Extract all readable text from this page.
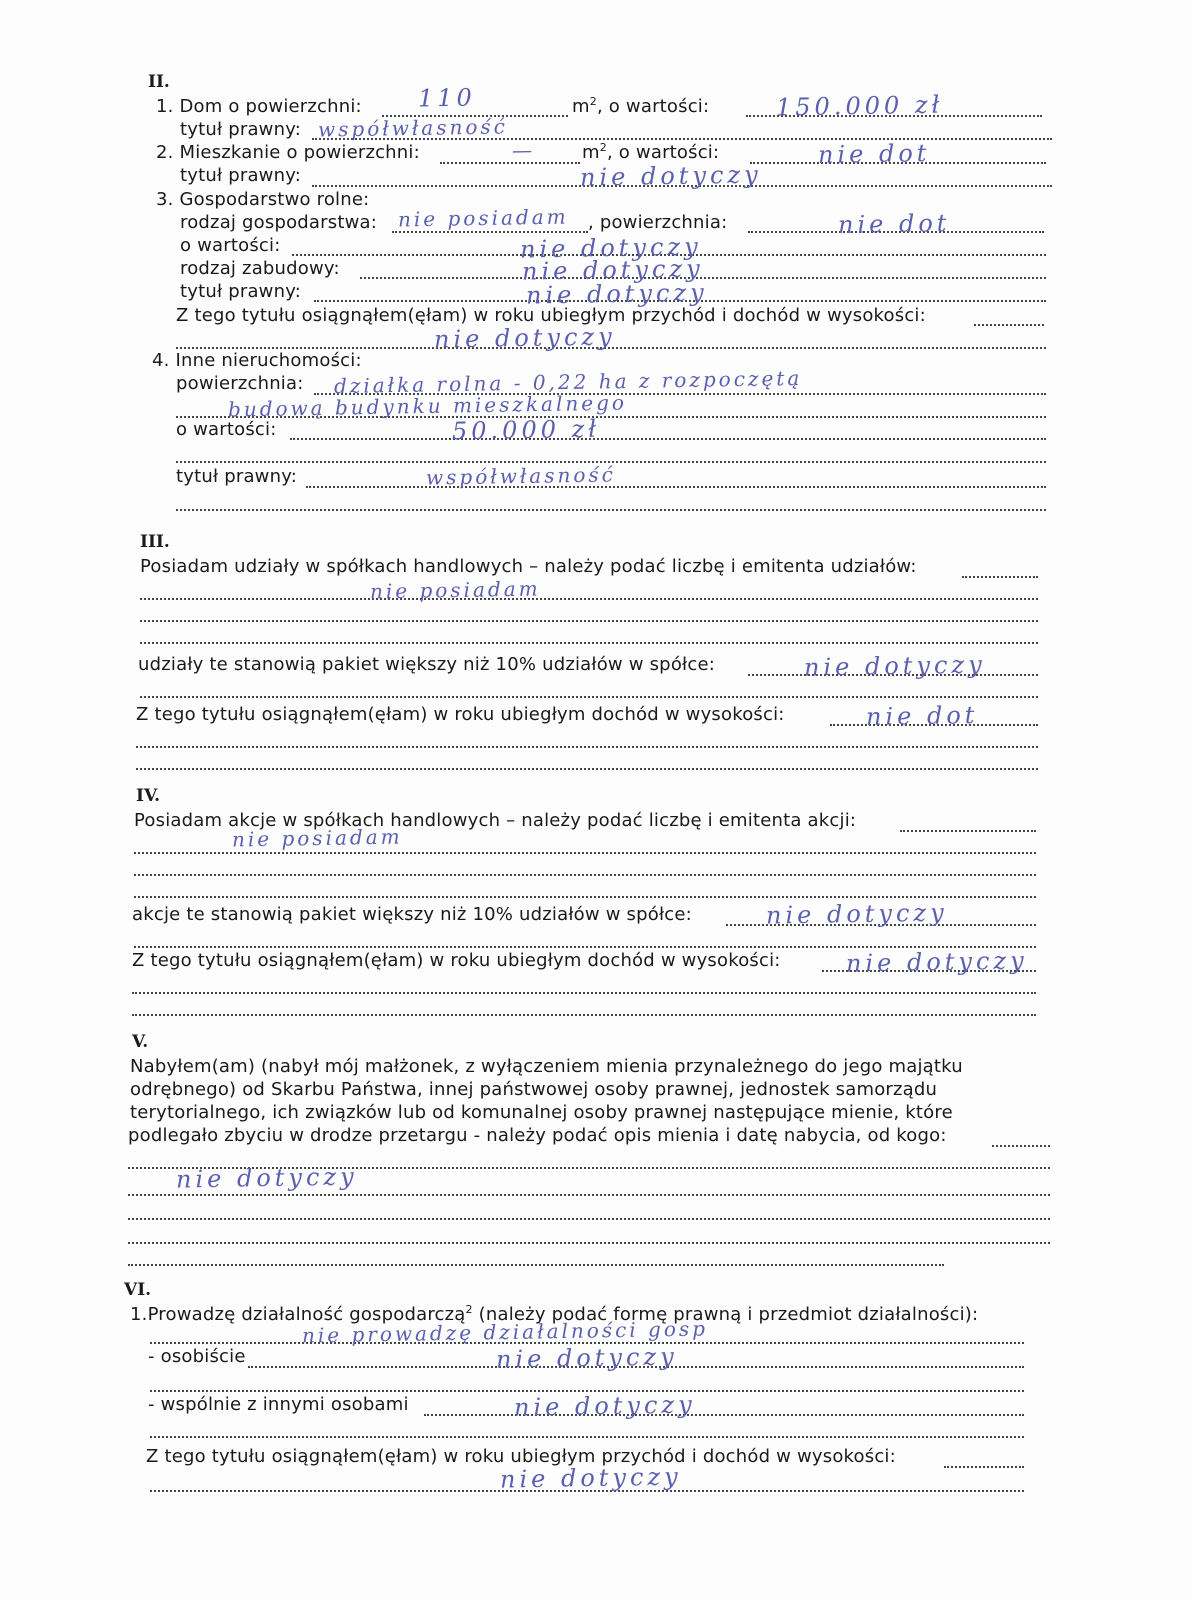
II.
1. Dom o powierzchni:	$m^2$, o wartości:
110	150.000 zł
tytuł prawny: współwłasność
2. Mieszkanie o powierzchni:	$m^2$, o wartości:
—	nie dot
tytuł prawny:	nie dotyczy
3. Gospodarstwo rolne:
rodzaj gospodarstwa:	, powierzchnia:
nie posiadam	nie dot
o wartości:	nie dotyczy
rodzaj zabudowy:	nie dotyczy
tytuł prawny:	nie dotyczy
Z tego tytułu osiągnąłem(ęłam) w roku ubiegłym przychód i dochód w wysokości:
nie dotyczy
4. Inne nieruchomości:
powierzchnia: działka rolna - 0,22 ha z rozpoczętą
budową budynku mieszkalnego
o wartości:	50.000 zł
tytuł prawny:	współwłasność
III.
Posiadam udziały w spółkach handlowych – należy podać liczbę i emitenta udziałów:
nie posiadam
udziały te stanowią pakiet większy niż 10% udziałów w spółce:	nie dotyczy
Z tego tytułu osiągnąłem(ęłam) w roku ubiegłym dochód w wysokości:	nie dot
IV.
Posiadam akcje w spółkach handlowych – należy podać liczbę i emitenta akcji:
nie posiadam
akcje te stanowią pakiet większy niż 10% udziałów w spółce:	nie dotyczy
Z tego tytułu osiągnąłem(ęłam) w roku ubiegłym dochód w wysokości:	nie dotyczy
V.
Nabyłem(am) (nabył mój małżonek, z wyłączeniem mienia przynależnego do jego majątku
odrębnego) od Skarbu Państwa, innej państwowej osoby prawnej, jednostek samorządu
terytorialnego, ich związków lub od komunalnej osoby prawnej następujące mienie, które
podlegało zbyciu w drodze przetargu - należy podać opis mienia i datę nabycia, od kogo:
nie dotyczy
VI.
1.Prowadzę działalność gospodarczą$^2$ (należy podać formę prawną i przedmiot działalności):
nie prowadzę działalności gosp
- osobiście	nie dotyczy
- wspólnie z innymi osobami	nie dotyczy
Z tego tytułu osiągnąłem(ęłam) w roku ubiegłym przychód i dochód w wysokości:
nie dotyczy
